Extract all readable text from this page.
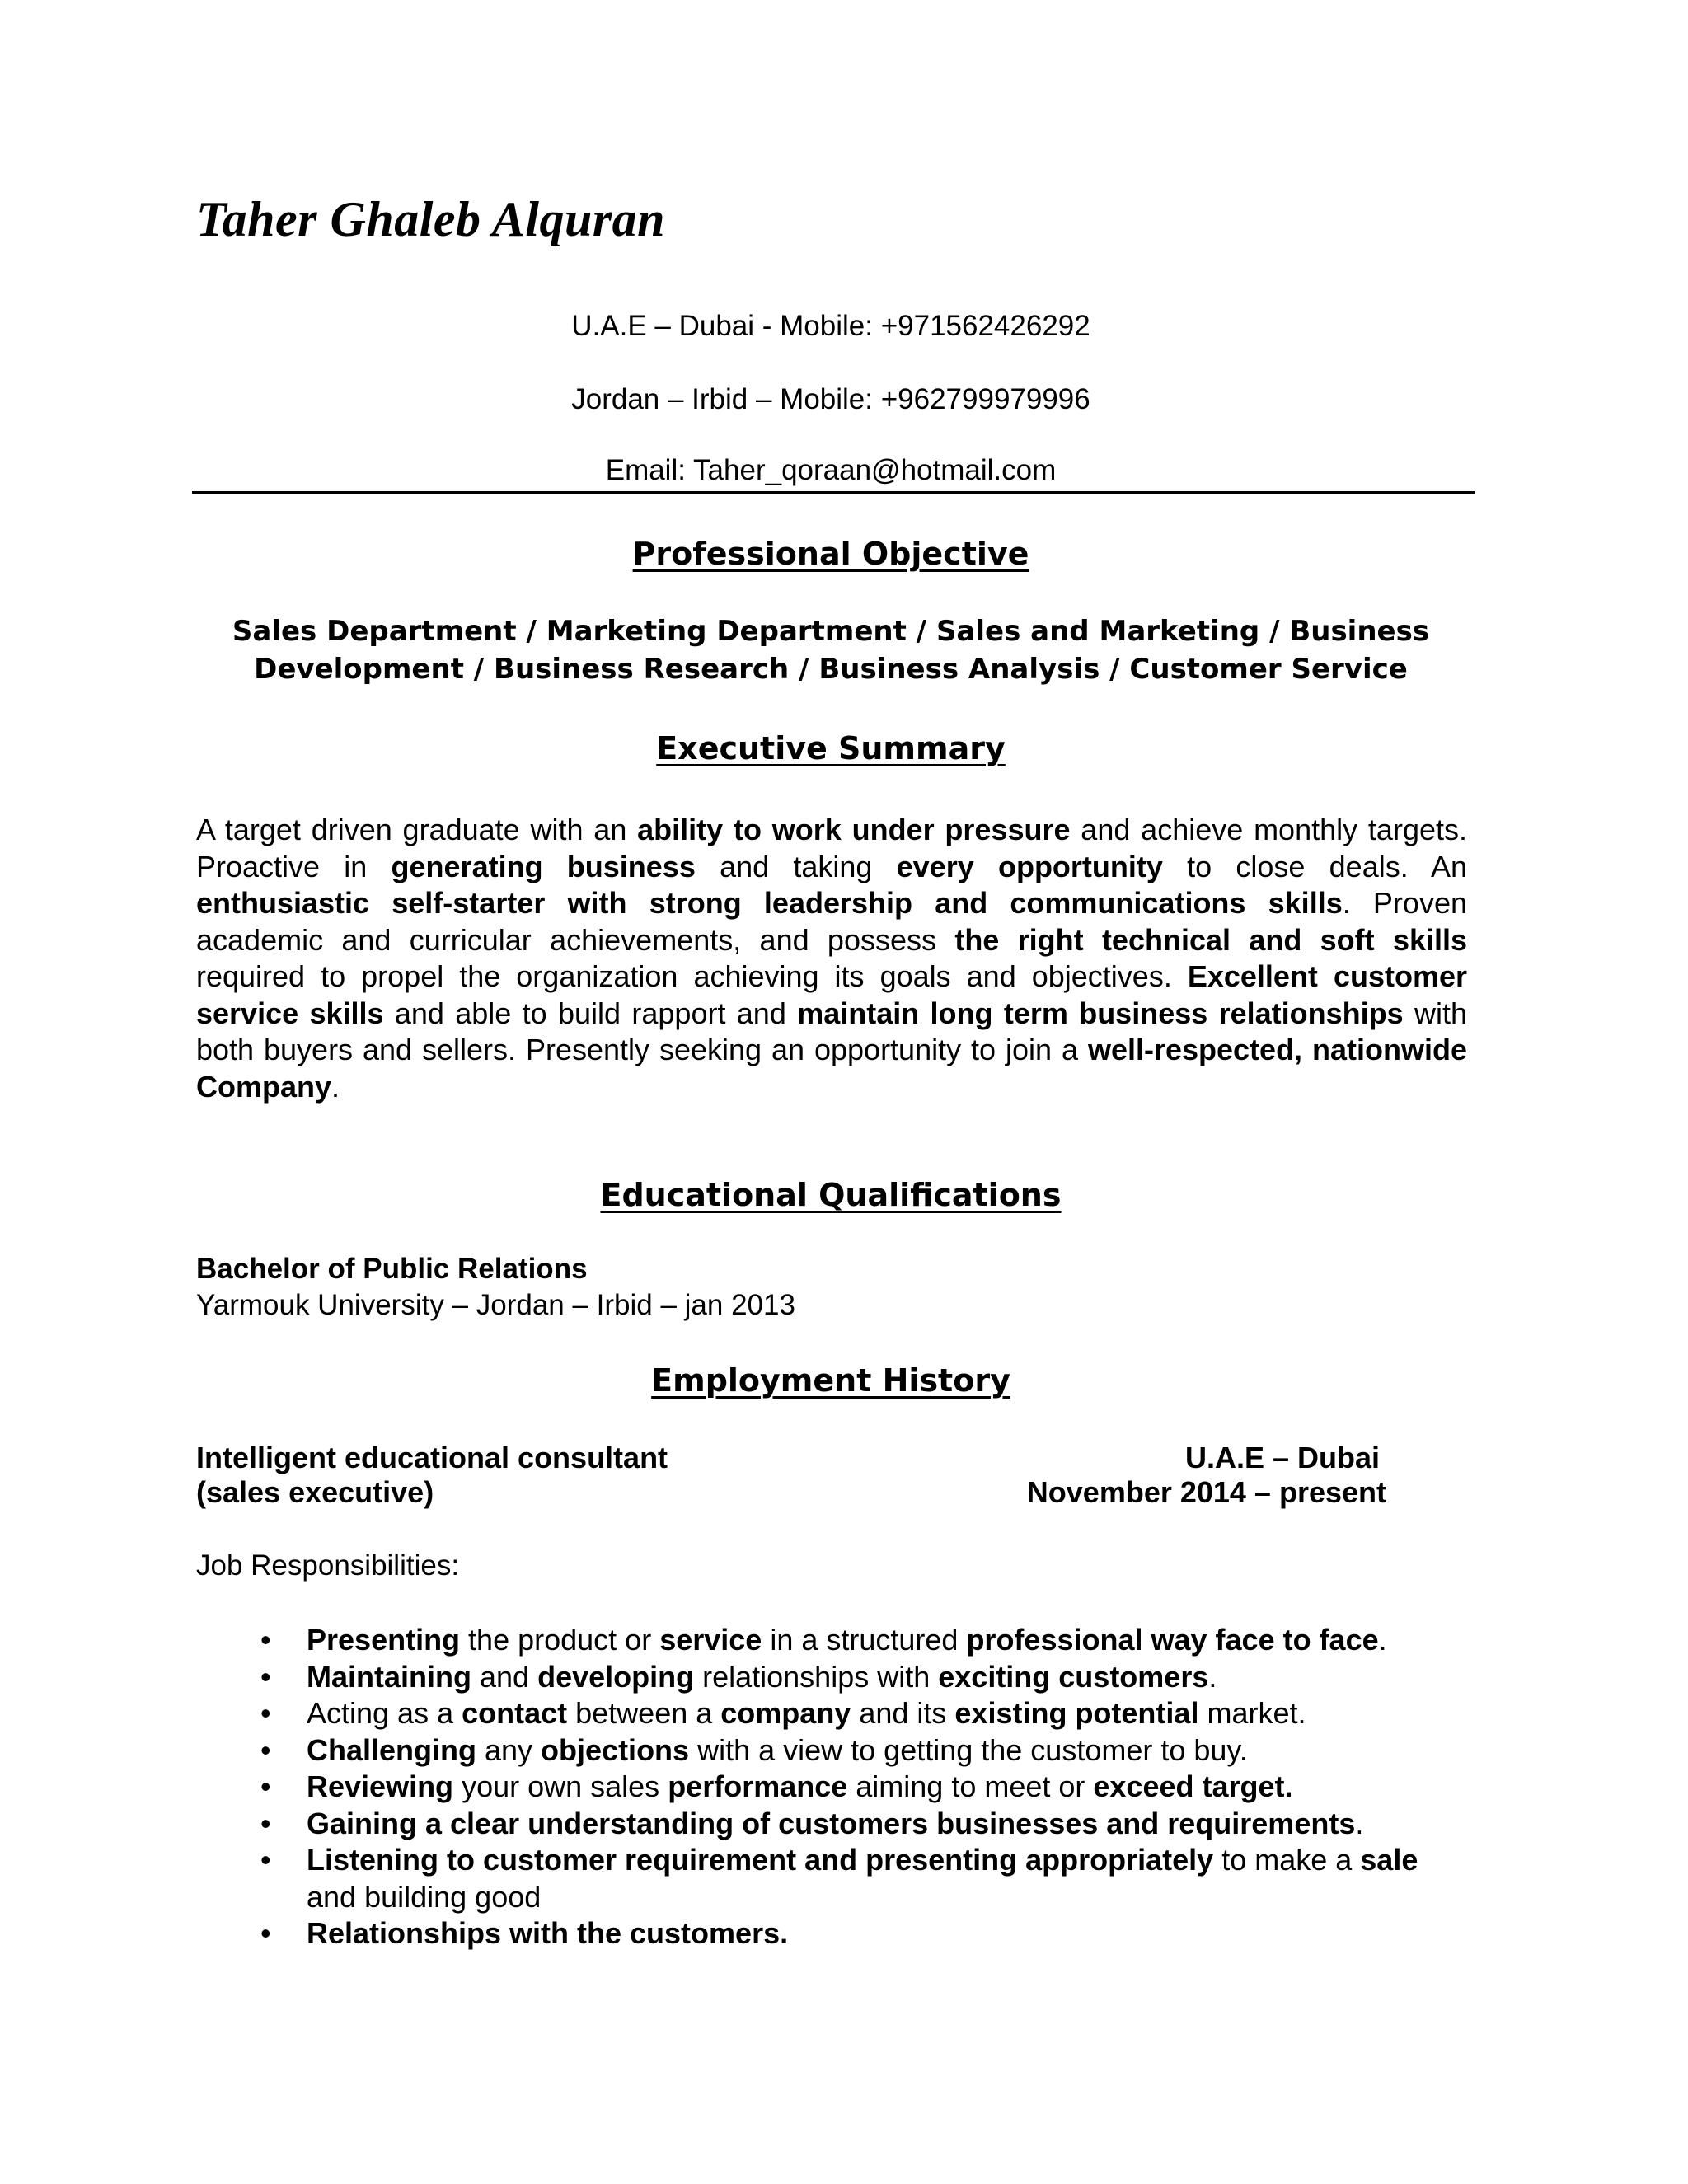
Taher Ghaleb Alquran
U.A.E – Dubai - Mobile: +971562426292
Jordan – Irbid – Mobile: +962799979996
Email: Taher_qoraan@hotmail.com
Professional Objective
Sales Department / Marketing Department / Sales and Marketing / Business
Development / Business Research / Business Analysis / Customer Service
Executive Summary
A target driven graduate with an ability to work under pressure and achieve monthly targets. Proactive in generating business and taking every opportunity to close deals. An enthusiastic self-starter with strong leadership and communications skills. Proven academic and curricular achievements, and possess the right technical and soft skills required to propel the organization achieving its goals and objectives. Excellent customer service skills and able to build rapport and maintain long term business relationships with both buyers and sellers. Presently seeking an opportunity to join a well-respected, nationwide Company.
Educational Qualifications
Bachelor of Public Relations
Yarmouk University – Jordan – Irbid – jan 2013
Employment History
Intelligent educational consultant
(sales executive)
U.A.E – Dubai
November 2014 – present
Job Responsibilities:
• Presenting the product or service in a structured professional way face to face.
• Maintaining and developing relationships with exciting customers.
• Acting as a contact between a company and its existing potential market.
• Challenging any objections with a view to getting the customer to buy.
• Reviewing your own sales performance aiming to meet or exceed target.
• Gaining a clear understanding of customers businesses and requirements.
• Listening to customer requirement and presenting appropriately to make a sale and building good
• Relationships with the customers.
